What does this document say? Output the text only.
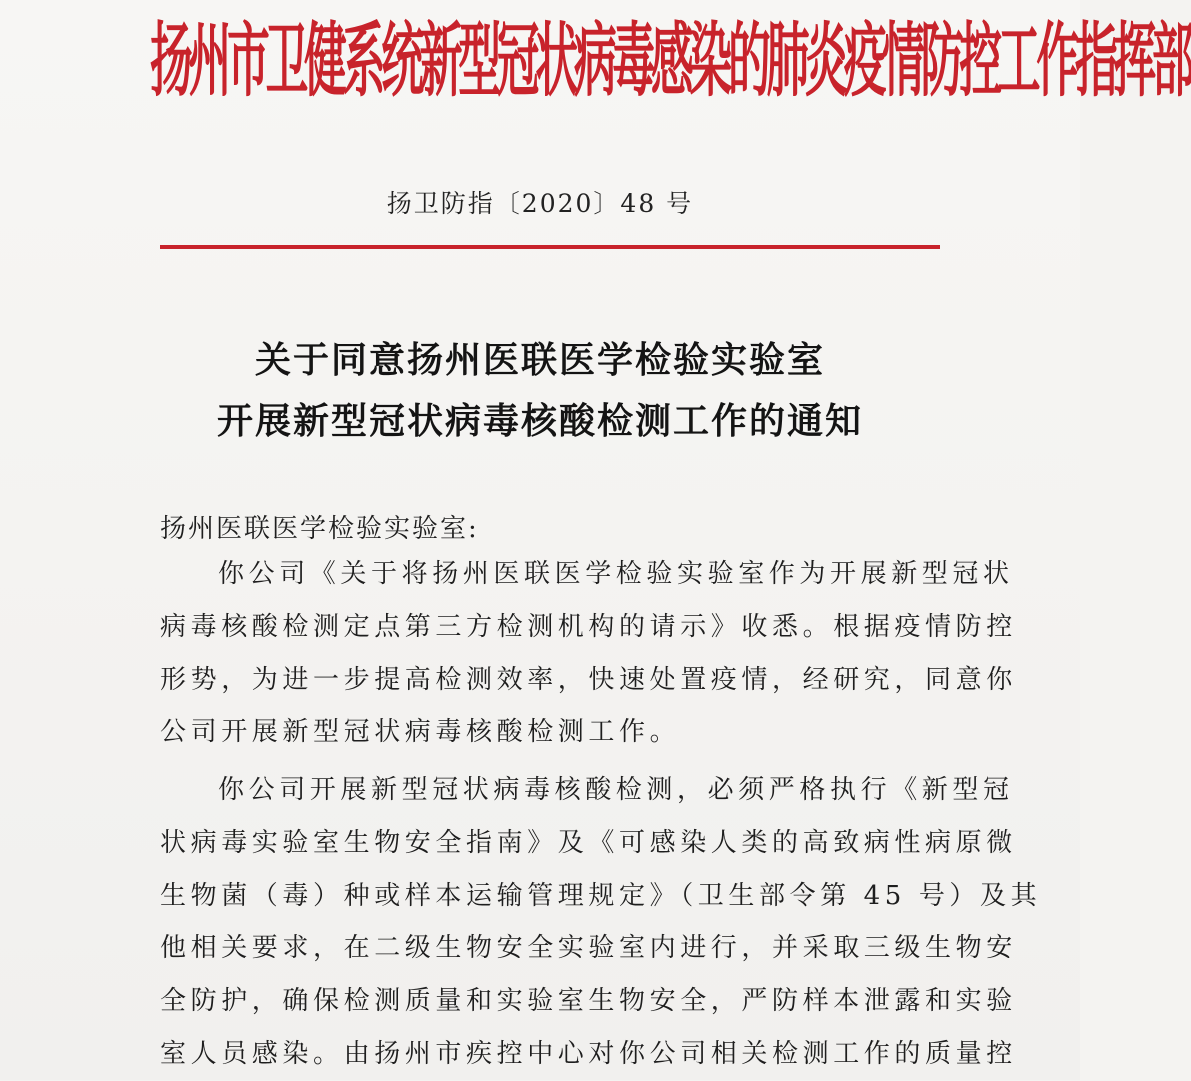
扬州市卫健系统新型冠状病毒感染的肺炎疫情防控工作指挥部
扬卫防指〔2020〕48 号
关于同意扬州医联医学检验实验室
开展新型冠状病毒核酸检测工作的通知
扬州医联医学检验实验室:
你公司《关于将扬州医联医学检验实验室作为开展新型冠状
病毒核酸检测定点第三方检测机构的请示》收悉。根据疫情防控
形势，为进一步提高检测效率，快速处置疫情，经研究，同意你
公司开展新型冠状病毒核酸检测工作。
你公司开展新型冠状病毒核酸检测，必须严格执行《新型冠
状病毒实验室生物安全指南》及《可感染人类的高致病性病原微
生物菌（毒）种或样本运输管理规定》（卫生部令第 45 号）及其
他相关要求，在二级生物安全实验室内进行，并采取三级生物安
全防护，确保检测质量和实验室生物安全，严防样本泄露和实验
室人员感染。由扬州市疾控中心对你公司相关检测工作的质量控
